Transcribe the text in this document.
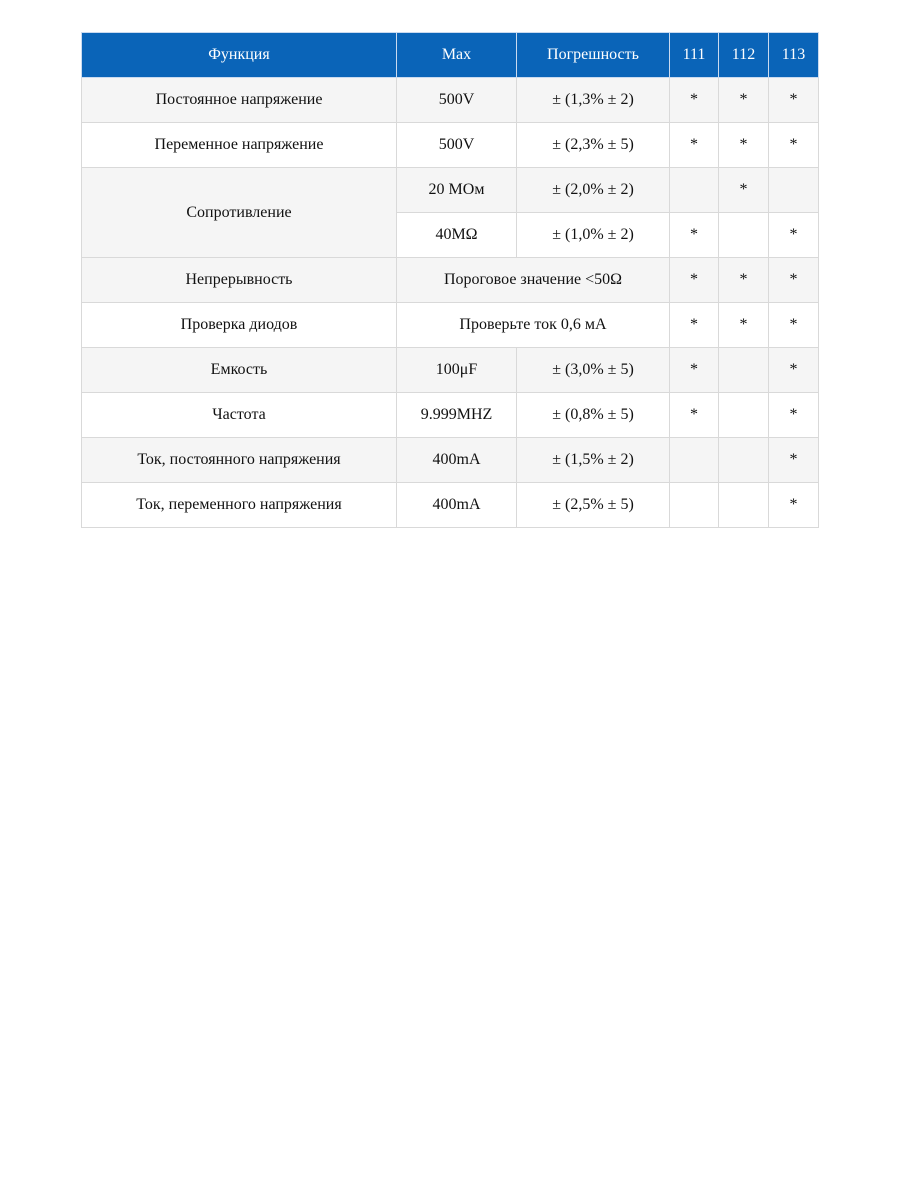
Функция	Max	Погрешность	111	112	113
Постоянное напряжение	500V	± (1,3% ± 2)	*	*	*
Переменное напряжение	500V	± (2,3% ± 5)	*	*	*
Сопротивление	20 МОм	± (2,0% ± 2)		*	
	40MΩ	± (1,0% ± 2)	*		*
Непрерывность	Пороговое значение <50Ω		*	*	*
Проверка диодов	Проверьте ток 0,6 мА		*	*	*
Емкость	100μF	± (3,0% ± 5)	*		*
Частота	9.999MHZ	± (0,8% ± 5)	*		*
Ток, постоянного напряжения	400mA	± (1,5% ± 2)			*
Ток, переменного напряжения	400mA	± (2,5% ± 5)			*
